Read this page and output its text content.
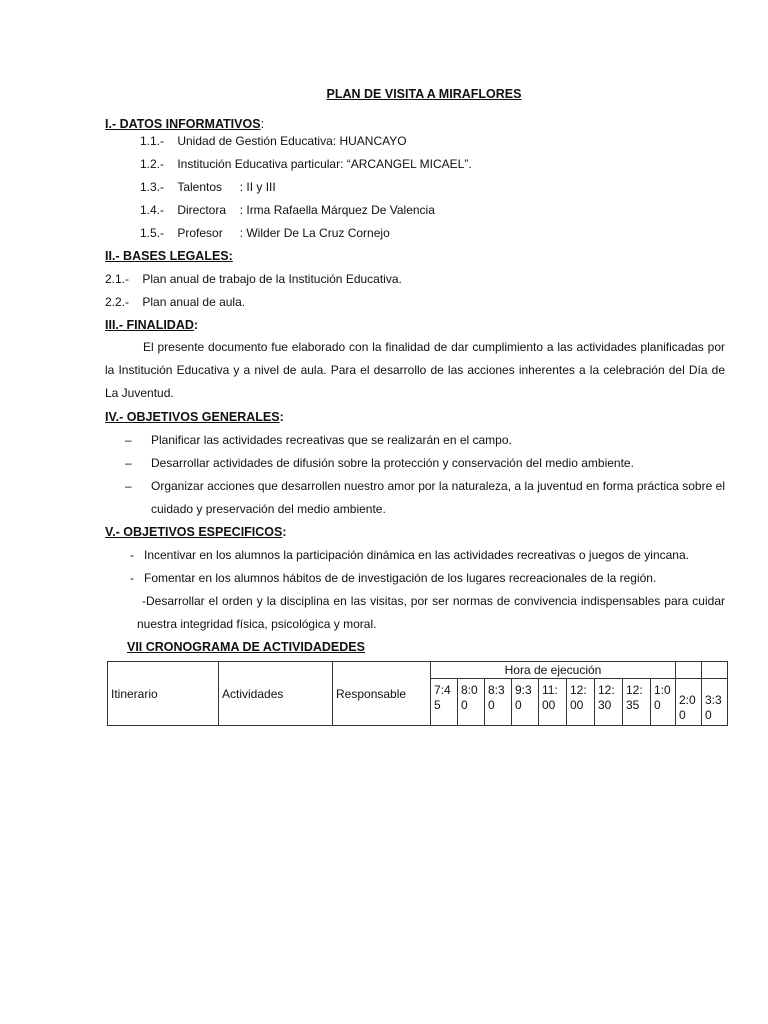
PLAN DE VISITA A MIRAFLORES
I.- DATOS INFORMATIVOS:
1.1.- Unidad de Gestión Educativa: HUANCAYO
1.2.- Institución Educativa particular: “ARCANGEL MICAEL”.
1.3.- Talentos : II y III
1.4.- Directora : Irma Rafaella Márquez De Valencia
1.5.- Profesor : Wilder De La Cruz Cornejo
II.- BASES LEGALES:
2.1.- Plan anual de trabajo de la Institución Educativa.
2.2.- Plan anual de aula.
III.- FINALIDAD:
El presente documento fue elaborado con la finalidad de dar cumplimiento a las actividades planificadas por la Institución Educativa y a nivel de aula. Para el desarrollo de las acciones inherentes a la celebración del Día de La Juventud.
IV.- OBJETIVOS GENERALES:
–	Planificar las actividades recreativas que se realizarán en el campo.
–	Desarrollar actividades de difusión sobre la protección y conservación del medio ambiente.
–	Organizar acciones que desarrollen nuestro amor por la naturaleza, a la juventud en forma práctica sobre el cuidado y preservación del medio ambiente.
V.- OBJETIVOS ESPECIFICOS:
- Incentivar en los alumnos la participación dinámica en las actividades recreativas o juegos de yincana.
- Fomentar en los alumnos hábitos de de investigación de los lugares recreacionales de la región.
- Desarrollar el orden y la disciplina en las visitas, por ser normas de convivencia indispensables para cuidar nuestra integridad física, psicológica y moral.
VII CRONOGRAMA DE ACTIVIDADEDES
Itinerario	Actividades	Responsable	Hora de ejecución										
			7:4 5	8:0 0	8:3 0	9:3 0	11: 00	12: 00	12: 30	12: 35	1:0 0	2:0 0	3:3 0
